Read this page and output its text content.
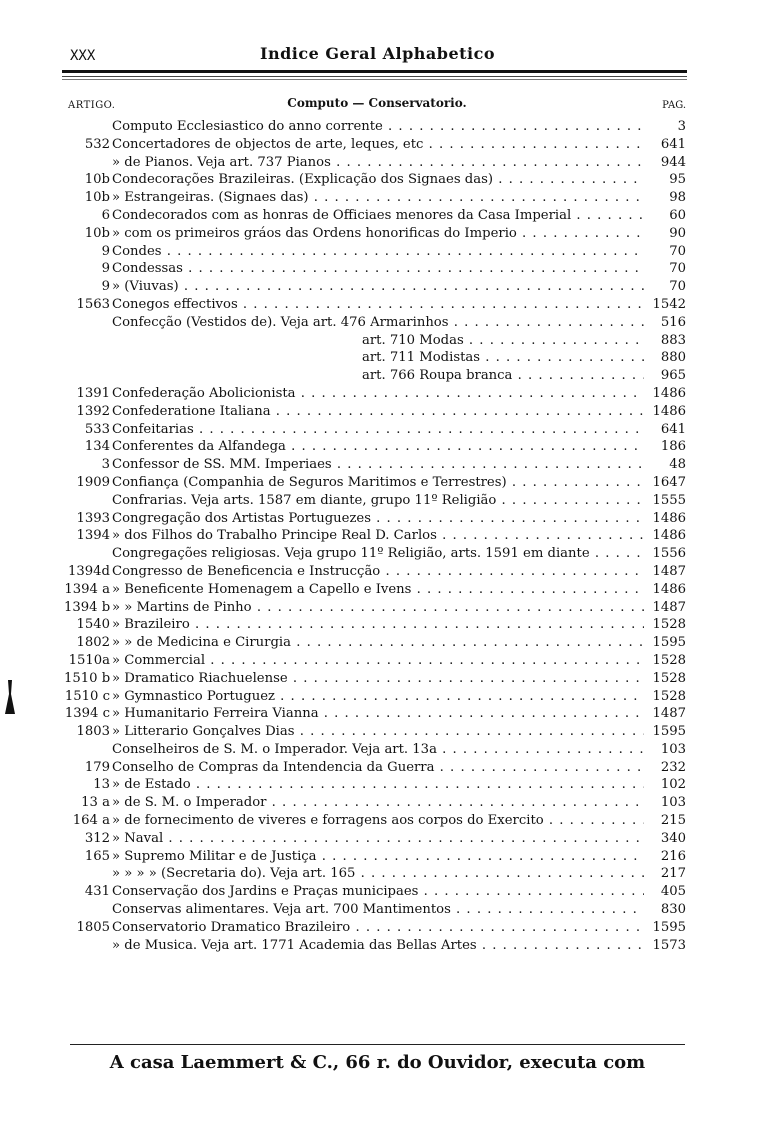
XXX	Indice Geral Alphabetico
ARTIGO.	Computo — Conservatorio.	PAG.
Computo Ecclesiastico do anno corrente . . .	3
532 Concertadores de objectos de arte, leques, etc . . .	641
» de Pianos. Veja art. 737 Pianos . . .	944
10b Condecorações Brazileiras. (Explicação dos Signaes das) . . .	95
10b » Estrangeiras. (Signaes das) . . .	98
6 Condecorados com as honras de Officiaes menores da Casa Imperial . . .	60
10b » com os primeiros gráos das Ordens honorificas do Imperio . . .	90
9 Condes . . .	70
9 Condessas . . .	70
9 » (Viuvas) . . .	70
1563 Conegos effectivos . . .	1542
Confecção (Vestidos de). Veja art. 476 Armarinhos . . .	516
art. 710 Modas . . .	883
art. 711 Modistas . . .	880
art. 766 Roupa branca . . .	965
1391 Confederação Abolicionista . . .	1486
1392 Confederatione Italiana . . .	1486
533 Confeitarias . . .	641
134 Conferentes da Alfandega . . .	186
3 Confessor de SS. MM. Imperiaes . . .	48
1909 Confiança (Companhia de Seguros Maritimos e Terrestres) . . .	1647
Confrarias. Veja arts. 1587 em diante, grupo 11º Religião . . .	1555
1393 Congregação dos Artistas Portuguezes . . .	1486
1394 » dos Filhos do Trabalho Principe Real D. Carlos . . .	1486
Congregações religiosas. Veja grupo 11º Religião, arts. 1591 em diante . . .	1556
1394d Congresso de Beneficencia e Instrucção . . .	1487
1394 a » Beneficente Homenagem a Capello e Ivens . . .	1486
1394 b » » Martins de Pinho . . .	1487
1540 » Brazileiro . . .	1528
1802 » » de Medicina e Cirurgia . . .	1595
1510a » Commercial . . .	1528
1510 b » Dramatico Riachuelense . . .	1528
1510 c » Gymnastico Portuguez . . .	1528
1394 c » Humanitario Ferreira Vianna . . .	1487
1803 » Litterario Gonçalves Dias . . .	1595
Conselheiros de S. M. o Imperador. Veja art. 13a . . .	103
179 Conselho de Compras da Intendencia da Guerra . . .	232
13 » de Estado . . .	102
13 a » de S. M. o Imperador . . .	103
164 a » de fornecimento de viveres e forragens aos corpos do Exercito . . .	215
312 » Naval . . .	340
165 » Supremo Militar e de Justiça . . .	216
» » » » (Secretaria do). Veja art. 165 . . .	217
431 Conservação dos Jardins e Praças municipaes . . .	405
Conservas alimentares. Veja art. 700 Mantimentos . . .	830
1805 Conservatorio Dramatico Brazileiro . . .	1595
» de Musica. Veja art. 1771 Academia das Bellas Artes . . .	1573
A casa Laemmert & C., 66 r. do Ouvidor, executa com
